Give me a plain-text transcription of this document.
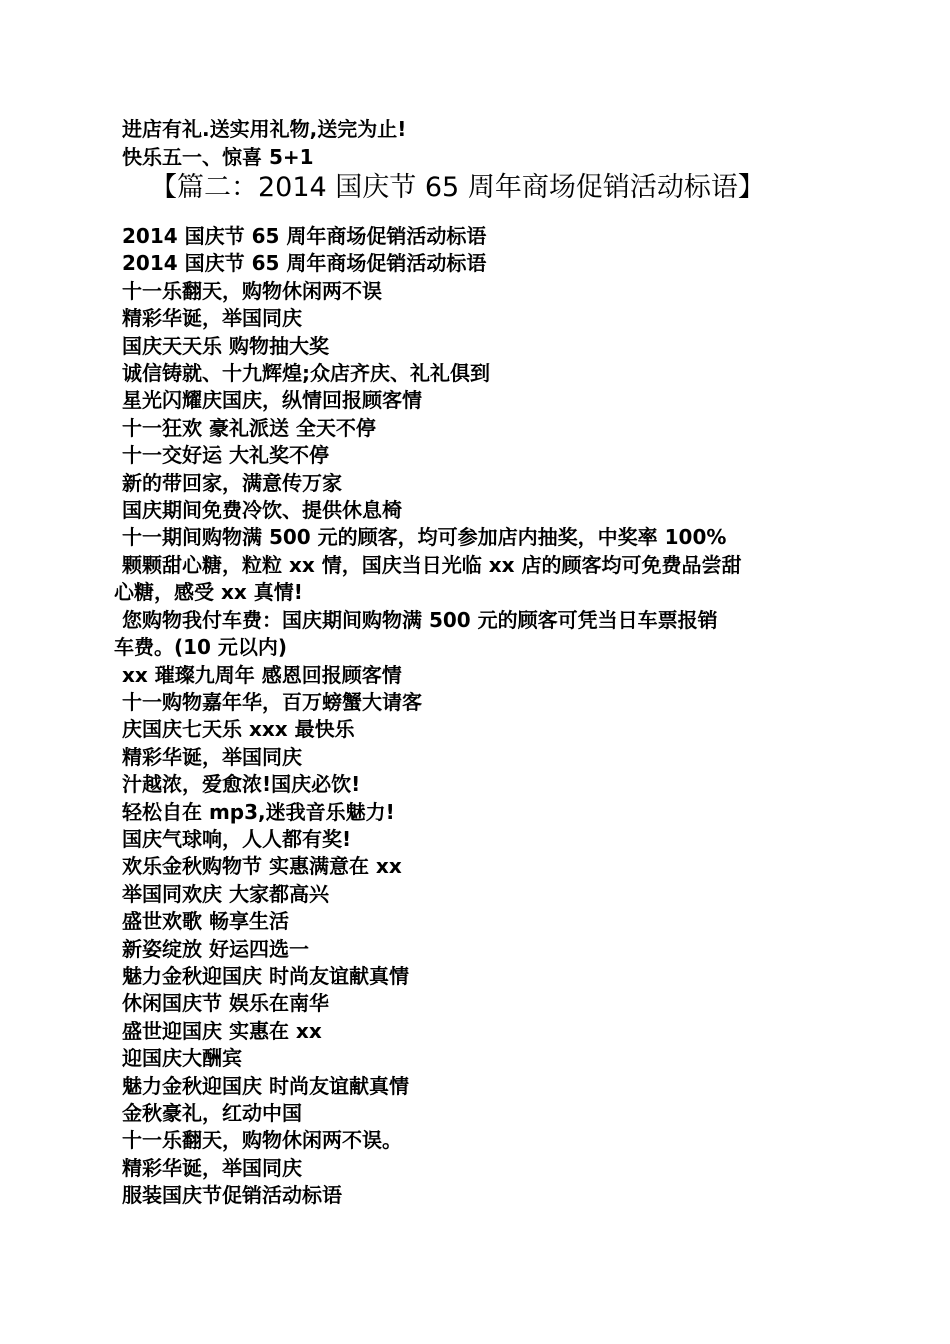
进店有礼.送实用礼物,送完为止!
快乐五一、惊喜 5+1
【篇二：2014 国庆节 65 周年商场促销活动标语】
2014 国庆节 65 周年商场促销活动标语
2014 国庆节 65 周年商场促销活动标语
十一乐翻天，购物休闲两不误
精彩华诞，举国同庆
国庆天天乐 购物抽大奖
诚信铸就、十九辉煌;众店齐庆、礼礼俱到
星光闪耀庆国庆，纵情回报顾客情
十一狂欢 豪礼派送 全天不停
十一交好运 大礼奖不停
新的带回家，满意传万家
国庆期间免费冷饮、提供休息椅
十一期间购物满 500 元的顾客，均可参加店内抽奖，中奖率 100%
颗颗甜心糖，粒粒 xx 情，国庆当日光临 xx 店的顾客均可免费品尝甜
心糖，感受 xx 真情!
您购物我付车费：国庆期间购物满 500 元的顾客可凭当日车票报销
车费。(10 元以内)
xx 璀璨九周年 感恩回报顾客情
十一购物嘉年华，百万螃蟹大请客
庆国庆七天乐 xxx 最快乐
精彩华诞，举国同庆
汁越浓，爱愈浓!国庆必饮!
轻松自在 mp3,迷我音乐魅力!
国庆气球响，人人都有奖!
欢乐金秋购物节 实惠满意在 xx
举国同欢庆 大家都高兴
盛世欢歌 畅享生活
新姿绽放 好运四选一
魅力金秋迎国庆 时尚友谊献真情
休闲国庆节 娱乐在南华
盛世迎国庆 实惠在 xx
迎国庆大酬宾
魅力金秋迎国庆 时尚友谊献真情
金秋豪礼，红动中国
十一乐翻天，购物休闲两不误。
精彩华诞，举国同庆
服装国庆节促销活动标语
